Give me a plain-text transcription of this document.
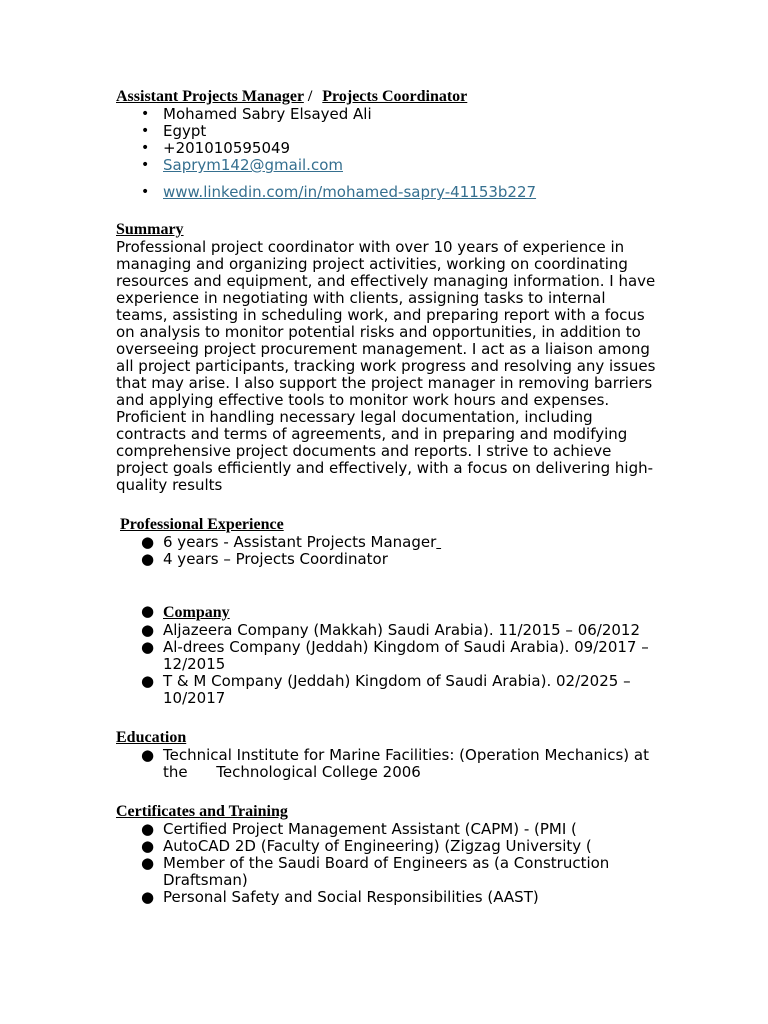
Assistant Projects Manager / Projects Coordinator
• Mohamed Sabry Elsayed Ali
• Egypt
• +201010595049
• Saprym142@gmail.com
• www.linkedin.com/in/mohamed-sapry-41153b227
Summary

Professional project coordinator with over 10 years of experience in managing and organizing project activities, working on coordinating resources and equipment, and effectively managing information. I have experience in negotiating with clients, assigning tasks to internal teams, assisting in scheduling work, and preparing report with a focus on analysis to monitor potential risks and opportunities, in addition to overseeing project procurement management. I act as a liaison among all project participants, tracking work progress and resolving any issues that may arise. I also support the project manager in removing barriers and applying effective tools to monitor work hours and expenses. Proficient in handling necessary legal documentation, including contracts and terms of agreements, and in preparing and modifying comprehensive project documents and reports. I strive to achieve project goals efficiently and effectively, with a focus on delivering high-quality results

Professional Experience
● 6 years - Assistant Projects Manager
● 4 years – Projects Coordinator
● Company
● Aljazeera Company (Makkah) Saudi Arabia). 11/2015 – 06/2012
● Al-drees Company (Jeddah) Kingdom of Saudi Arabia). 09/2017 – 12/2015
● T & M Company (Jeddah) Kingdom of Saudi Arabia). 02/2025 – 10/2017
Education
● Technical Institute for Marine Facilities: (Operation Mechanics) at the      Technological College 2006
Certificates and Training
● Certified Project Management Assistant (CAPM) - (PMI (
● AutoCAD 2D (Faculty of Engineering) (Zigzag University (
● Member of the Saudi Board of Engineers as (a Construction Draftsman)
● Personal Safety and Social Responsibilities (AAST)
